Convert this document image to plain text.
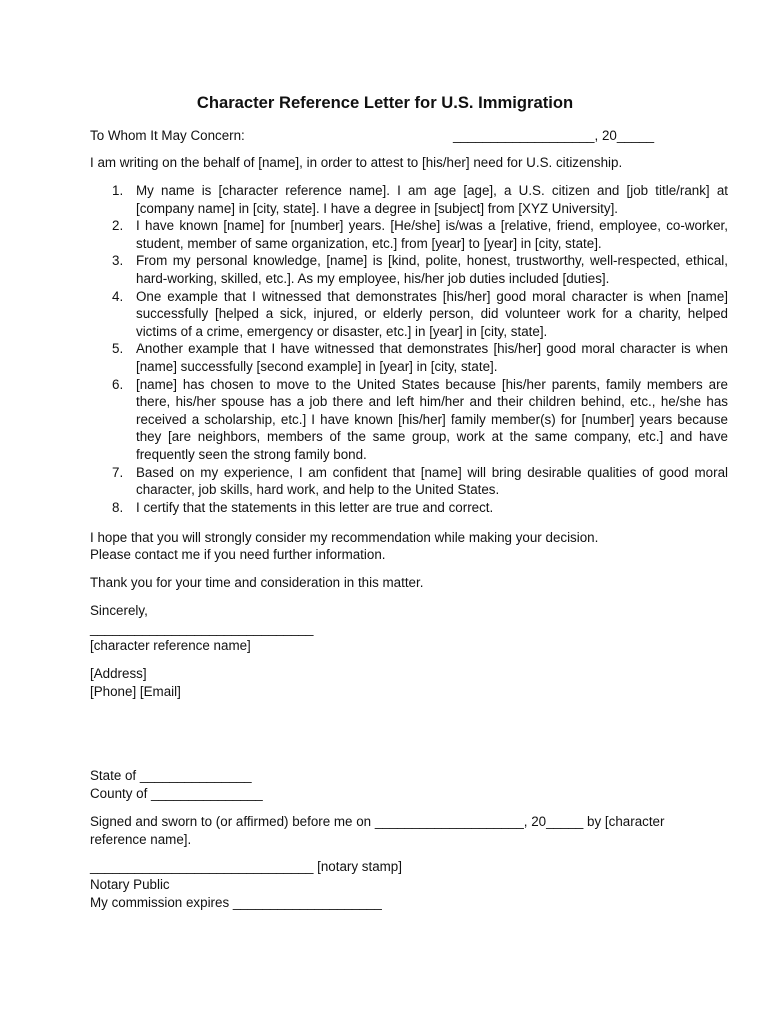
Character Reference Letter for U.S. Immigration
To Whom It May Concern:	___________________, 20_____
I am writing on the behalf of [name], in order to attest to [his/her] need for U.S. citizenship.
My name is [character reference name]. I am age [age], a U.S. citizen and [job title/rank] at [company name] in [city, state]. I have a degree in [subject] from [XYZ University].
I have known [name] for [number] years. [He/she] is/was a [relative, friend, employee, co-worker, student, member of same organization, etc.] from [year] to [year] in [city, state].
From my personal knowledge, [name] is [kind, polite, honest, trustworthy, well-respected, ethical, hard-working, skilled, etc.]. As my employee, his/her job duties included [duties].
One example that I witnessed that demonstrates [his/her] good moral character is when [name] successfully [helped a sick, injured, or elderly person, did volunteer work for a charity, helped victims of a crime, emergency or disaster, etc.] in [year] in [city, state].
Another example that I have witnessed that demonstrates [his/her] good moral character is when [name] successfully [second example] in [year] in [city, state].
[name] has chosen to move to the United States because [his/her parents, family members are there, his/her spouse has a job there and left him/her and their children behind, etc., he/she has received a scholarship, etc.] I have known [his/her] family member(s) for [number] years because they [are neighbors, members of the same group, work at the same company, etc.] and have frequently seen the strong family bond.
Based on my experience, I am confident that [name] will bring desirable qualities of good moral character, job skills, hard work, and help to the United States.
I certify that the statements in this letter are true and correct.
I hope that you will strongly consider my recommendation while making your decision.
Please contact me if you need further information.
Thank you for your time and consideration in this matter.
Sincerely,
______________________________
[character reference name]
[Address]
[Phone] [Email]
State of _______________
County of _______________
Signed and sworn to (or affirmed) before me on ____________________, 20_____ by [character
reference name].
______________________________ [notary stamp]
Notary Public
My commission expires ____________________
